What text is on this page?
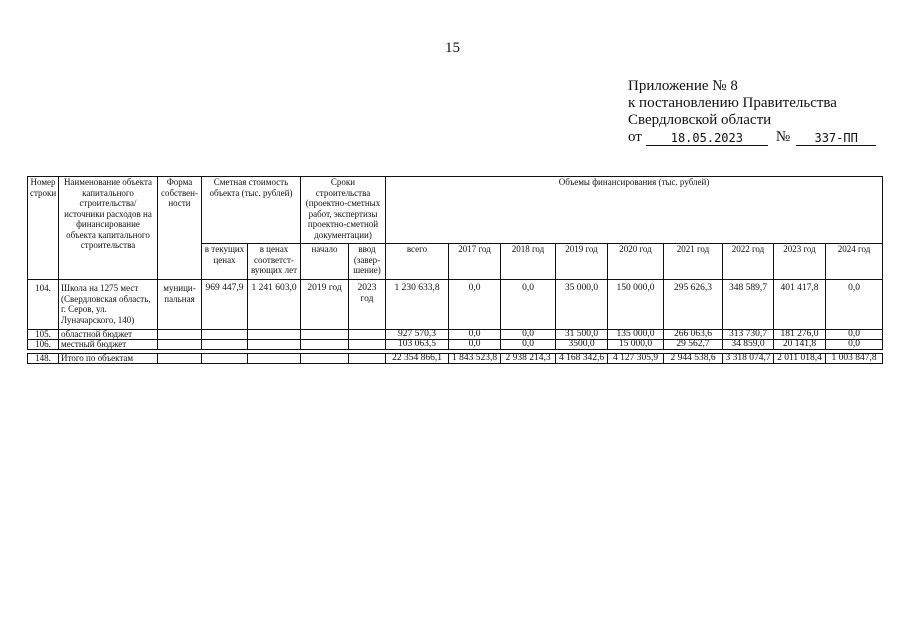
15
Приложение № 8
к постановлению Правительства
Свердловской области
от	18.05.2023	№	337-ПП
Номер строки	Наименование объекта капитального строительства/ источники расходов на финансирование объекта капитального строительства	Форма собствен-ности	Сметная стоимость объекта (тыс. рублей)		Сроки строительства (проектно-сметных работ, экспертизы проектно-сметной документации)		Объемы финансирования (тыс. рублей)								
			в текущих ценах	в ценах соответст-вующих лет	начало	ввод (завер-шение)	всего	2017 год	2018 год	2019 год	2020 год	2021 год	2022 год	2023 год	2024 год
104.	Школа на 1275 мест (Свердловская область, г. Серов, ул. Луначарского, 140)	муници-пальная	969 447,9	1 241 603,0	2019 год	2023 год	1 230 633,8	0,0	0,0	35 000,0	150 000,0	295 626,3	348 589,7	401 417,8	0,0
105.	областной бюджет						927 570,3	0,0	0,0	31 500,0	135 000,0	266 063,6	313 730,7	181 276,0	0,0
106.	местный бюджет						103 063,5	0,0	0,0	3500,0	15 000,0	29 562,7	34 859,0	20 141,8	0,0

148.	Итого по объектам						22 354 866,1	1 843 523,8	2 938 214,3	4 168 342,6	4 127 305,9	2 944 538,6	3 318 074,7	2 011 018,4	1 003 847,8
